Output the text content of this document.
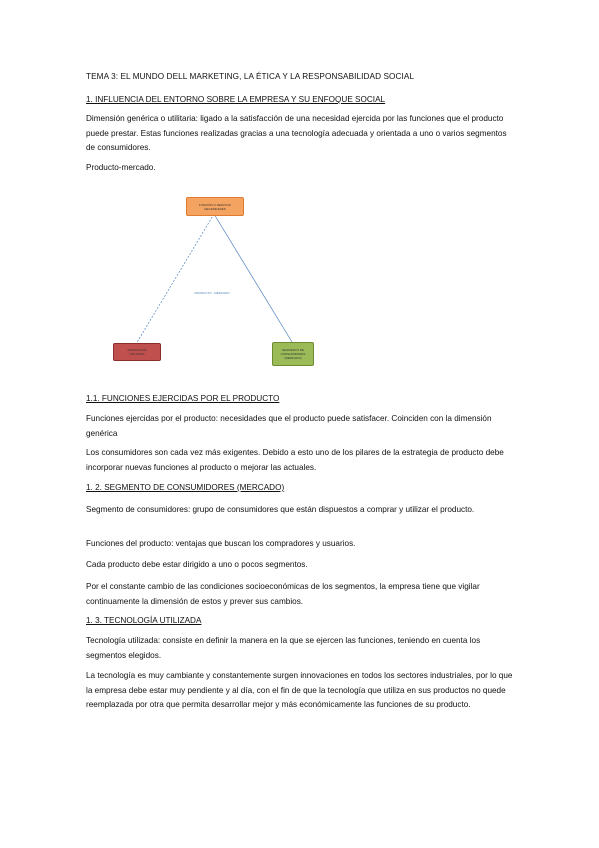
TEMA 3: EL MUNDO DELL MARKETING, LA ÉTICA Y LA RESPONSABILIDAD SOCIAL

1. INFLUENCIA DEL ENTORNO SOBRE LA EMPRESA Y SU ENFOQUE SOCIAL

Dimensión genérica o utilitaria: ligado a la satisfacción de una necesidad ejercida por las funciones que el producto puede prestar. Estas funciones realizadas gracias a una tecnología adecuada y orientada a uno o varios segmentos de consumidores.

Producto-mercado.

FUNCIÓN O SERVICIO
NECESIDADES
TECNOLOGÍA
UTILIZADA
SEGMENTO DE
CONSUMIDORES
(MERCADO)
PRODUCTO - MERCADO

1.1. FUNCIONES EJERCIDAS POR EL PRODUCTO

Funciones ejercidas por el producto: necesidades que el producto puede satisfacer. Coinciden con la dimensión genérica

Los consumidores son cada vez más exigentes. Debido a esto uno de los pilares de la estrategia de producto debe incorporar nuevas funciones al producto o mejorar las actuales.

1. 2. SEGMENTO DE CONSUMIDORES (MERCADO)

Segmento de consumidores: grupo de consumidores que están dispuestos a comprar y utilizar el producto.

Funciones del producto: ventajas que buscan los compradores y usuarios.

Cada producto debe estar dirigido a uno o pocos segmentos.

Por el constante cambio de las condiciones socioeconómicas de los segmentos, la empresa tiene que vigilar continuamente la dimensión de estos y prever sus cambios.

1. 3. TECNOLOGÍA UTILIZADA

Tecnología utilizada: consiste en definir la manera en la que se ejercen las funciones, teniendo en cuenta los segmentos elegidos.

La tecnología es muy cambiante y constantemente surgen innovaciones en todos los sectores industriales, por lo que la empresa debe estar muy pendiente y al día, con el fin de que la tecnología que utiliza en sus productos no quede reemplazada por otra que permita desarrollar mejor y más económicamente las funciones de su producto.
